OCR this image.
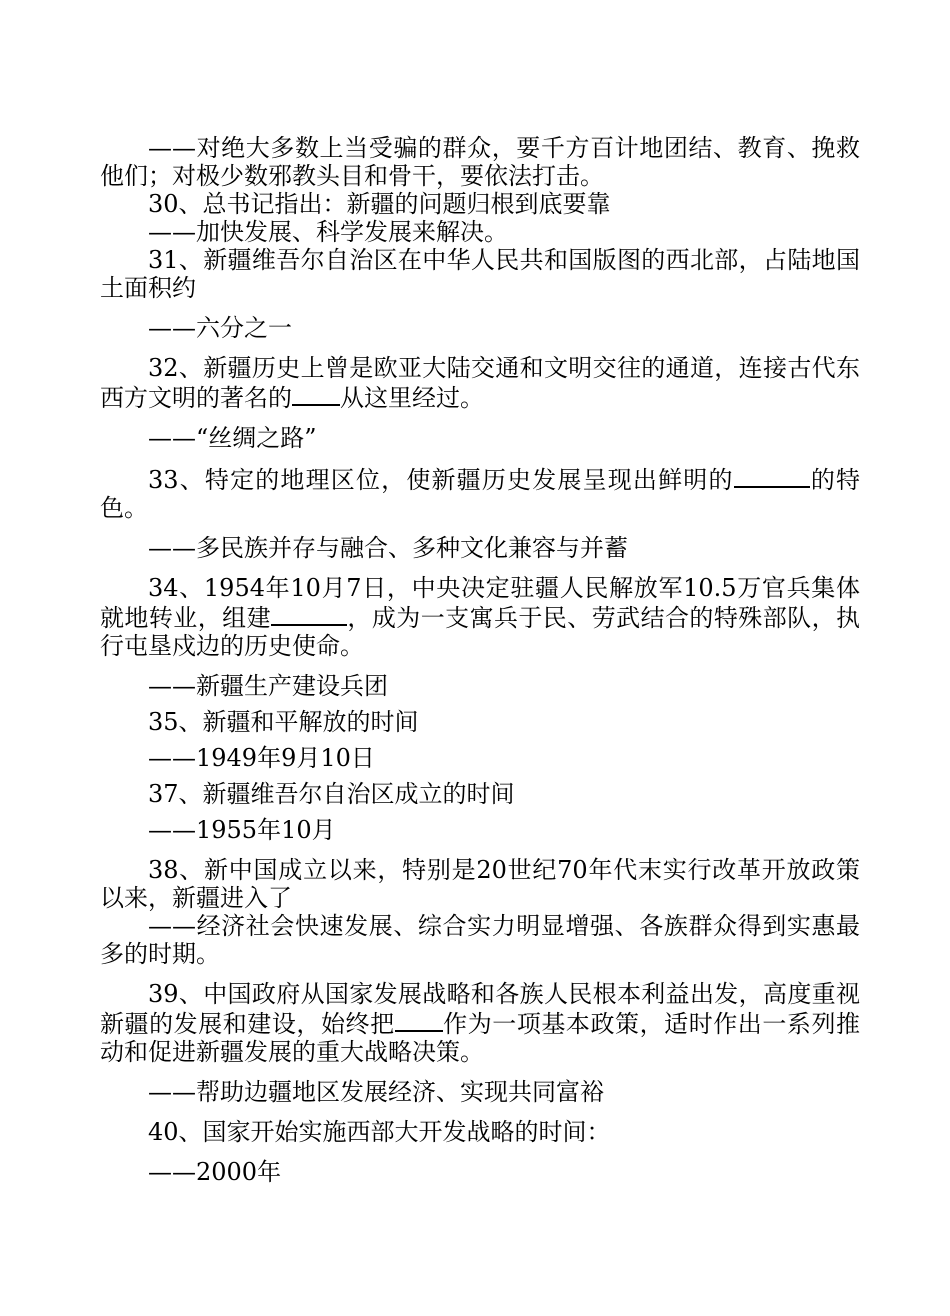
——对绝大多数上当受骗的群众，要千方百计地团结、教育、挽救他们；对极少数邪教头目和骨干，要依法打击。

30、总书记指出：新疆的问题归根到底要靠

——加快发展、科学发展来解决。

31、新疆维吾尔自治区在中华人民共和国版图的西北部，占陆地国土面积约

——六分之一

32、新疆历史上曾是欧亚大陆交通和文明交往的通道，连接古代东西方文明的著名的 从这里经过。

——“丝绸之路”

33、特定的地理区位，使新疆历史发展呈现出鲜明的	的特色。

——多民族并存与融合、多种文化兼容与并蓄

34、1954年10月7日，中央决定驻疆人民解放军10.5万官兵集体就地转业，组建	，成为一支寓兵于民、劳武结合的特殊部队，执行屯垦戍边的历史使命。

——新疆生产建设兵团

35、新疆和平解放的时间

——1949年9月10日

37、新疆维吾尔自治区成立的时间

——1955年10月

38、新中国成立以来，特别是20世纪70年代末实行改革开放政策以来，新疆进入了

——经济社会快速发展、综合实力明显增强、各族群众得到实惠最多的时期。

39、中国政府从国家发展战略和各族人民根本利益出发，高度重视新疆的发展和建设，始终把 作为一项基本政策，适时作出一系列推动和促进新疆发展的重大战略决策。

——帮助边疆地区发展经济、实现共同富裕

40、国家开始实施西部大开发战略的时间：

——2000年
